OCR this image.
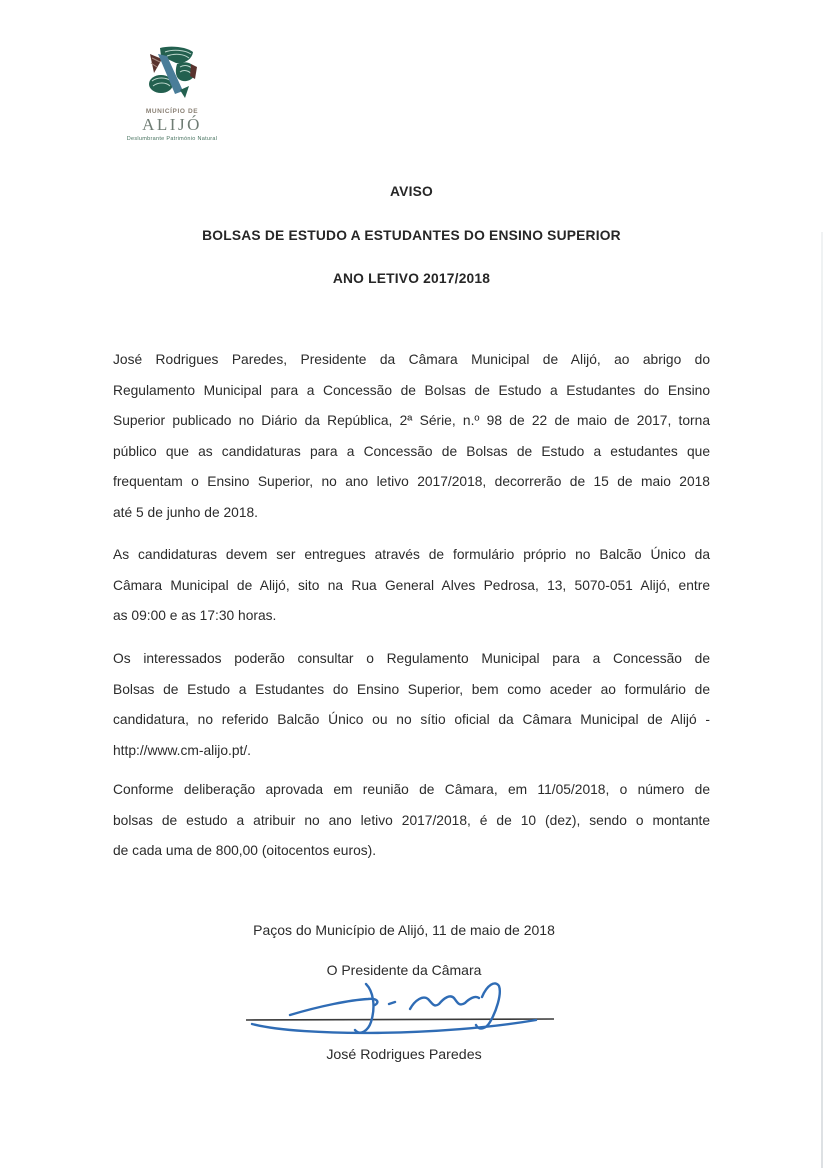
MUNICÍPIO DE
ALIJÓ
Deslumbrante Património Natural
AVISO
BOLSAS DE ESTUDO A ESTUDANTES DO ENSINO SUPERIOR
ANO LETIVO 2017/2018
José Rodrigues Paredes, Presidente da Câmara Municipal de Alijó, ao abrigo do
Regulamento Municipal para a Concessão de Bolsas de Estudo a Estudantes do Ensino
Superior publicado no Diário da República, 2ª Série, n.º 98 de 22 de maio de 2017, torna
público que as candidaturas para a Concessão de Bolsas de Estudo a estudantes que
frequentam o Ensino Superior, no ano letivo 2017/2018, decorrerão de 15 de maio 2018
até 5 de junho de 2018.
As candidaturas devem ser entregues através de formulário próprio no Balcão Único da
Câmara Municipal de Alijó, sito na Rua General Alves Pedrosa, 13, 5070-051 Alijó, entre
as 09:00 e as 17:30 horas.
Os interessados poderão consultar o Regulamento Municipal para a Concessão de
Bolsas de Estudo a Estudantes do Ensino Superior, bem como aceder ao formulário de
candidatura, no referido Balcão Único ou no sítio oficial da Câmara Municipal de Alijó -
http://www.cm-alijo.pt/.
Conforme deliberação aprovada em reunião de Câmara, em 11/05/2018, o número de
bolsas de estudo a atribuir no ano letivo 2017/2018, é de 10 (dez), sendo o montante
de cada uma de 800,00 (oitocentos euros).
Paços do Município de Alijó, 11 de maio de 2018
O Presidente da Câmara
José Rodrigues Paredes
